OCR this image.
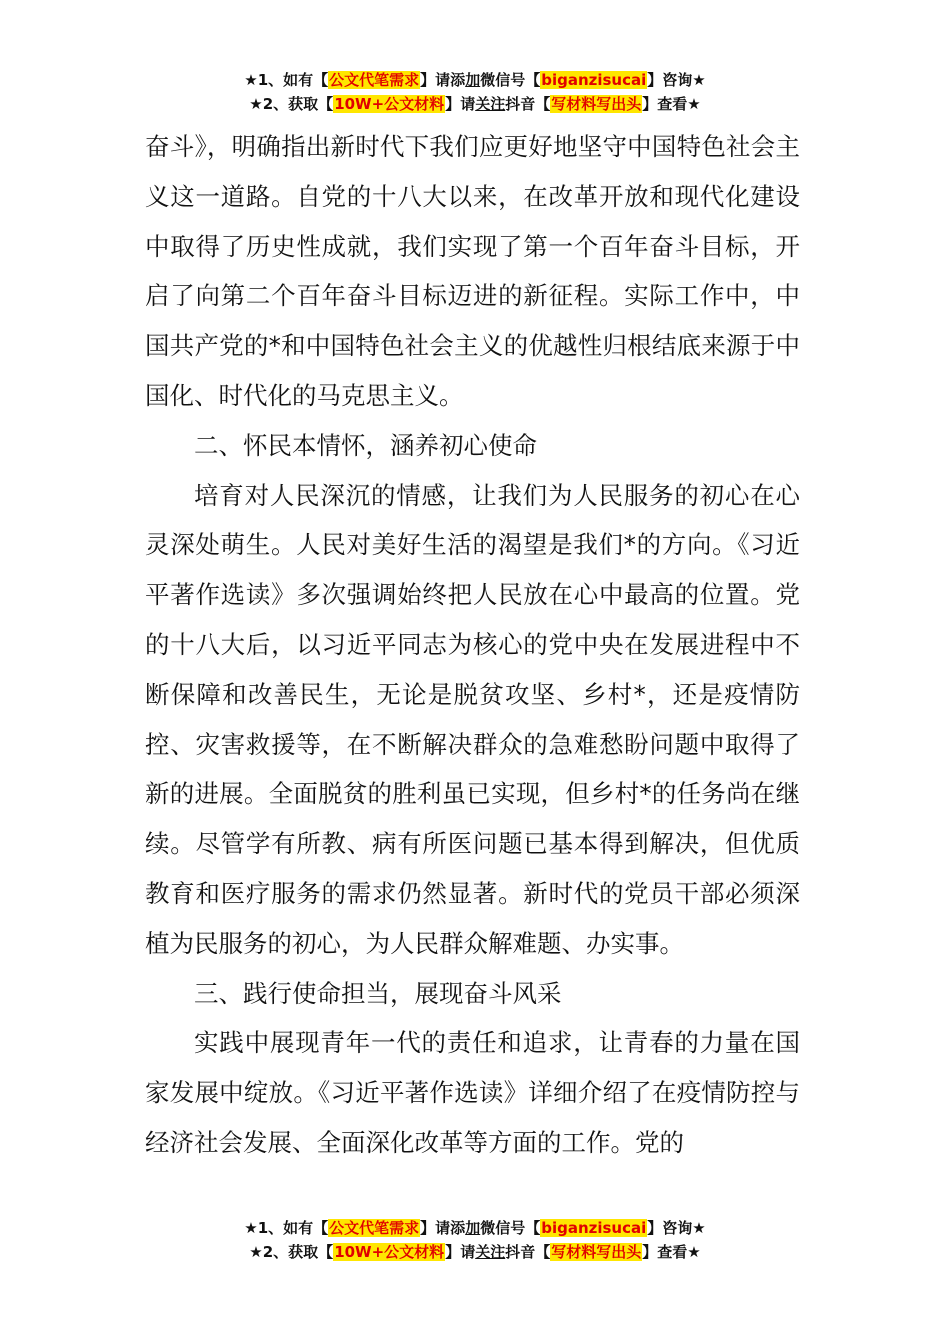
★1、如有【公文代笔需求】请添加微信号【biganzisucai】咨询★
★2、获取【10W+公文材料】请关注抖音【写材料写出头】查看★

奋斗》，明确指出新时代下我们应更好地坚守中国特色社会主义这一道路。自党的十八大以来，在改革开放和现代化建设中取得了历史性成就，我们实现了第一个百年奋斗目标，开启了向第二个百年奋斗目标迈进的新征程。实际工作中，中国共产党的*和中国特色社会主义的优越性归根结底来源于中国化、时代化的马克思主义。

二、怀民本情怀，涵养初心使命

培育对人民深沉的情感，让我们为人民服务的初心在心灵深处萌生。人民对美好生活的渴望是我们*的方向。《习近平著作选读》多次强调始终把人民放在心中最高的位置。党的十八大后，以习近平同志为核心的党中央在发展进程中不断保障和改善民生，无论是脱贫攻坚、乡村*，还是疫情防控、灾害救援等，在不断解决群众的急难愁盼问题中取得了新的进展。全面脱贫的胜利虽已实现，但乡村*的任务尚在继续。尽管学有所教、病有所医问题已基本得到解决，但优质教育和医疗服务的需求仍然显著。新时代的党员干部必须深植为民服务的初心，为人民群众解难题、办实事。

三、践行使命担当，展现奋斗风采

实践中展现青年一代的责任和追求，让青春的力量在国家发展中绽放。《习近平著作选读》详细介绍了在疫情防控与经济社会发展、全面深化改革等方面的工作。党的

★1、如有【公文代笔需求】请添加微信号【biganzisucai】咨询★
★2、获取【10W+公文材料】请关注抖音【写材料写出头】查看★
